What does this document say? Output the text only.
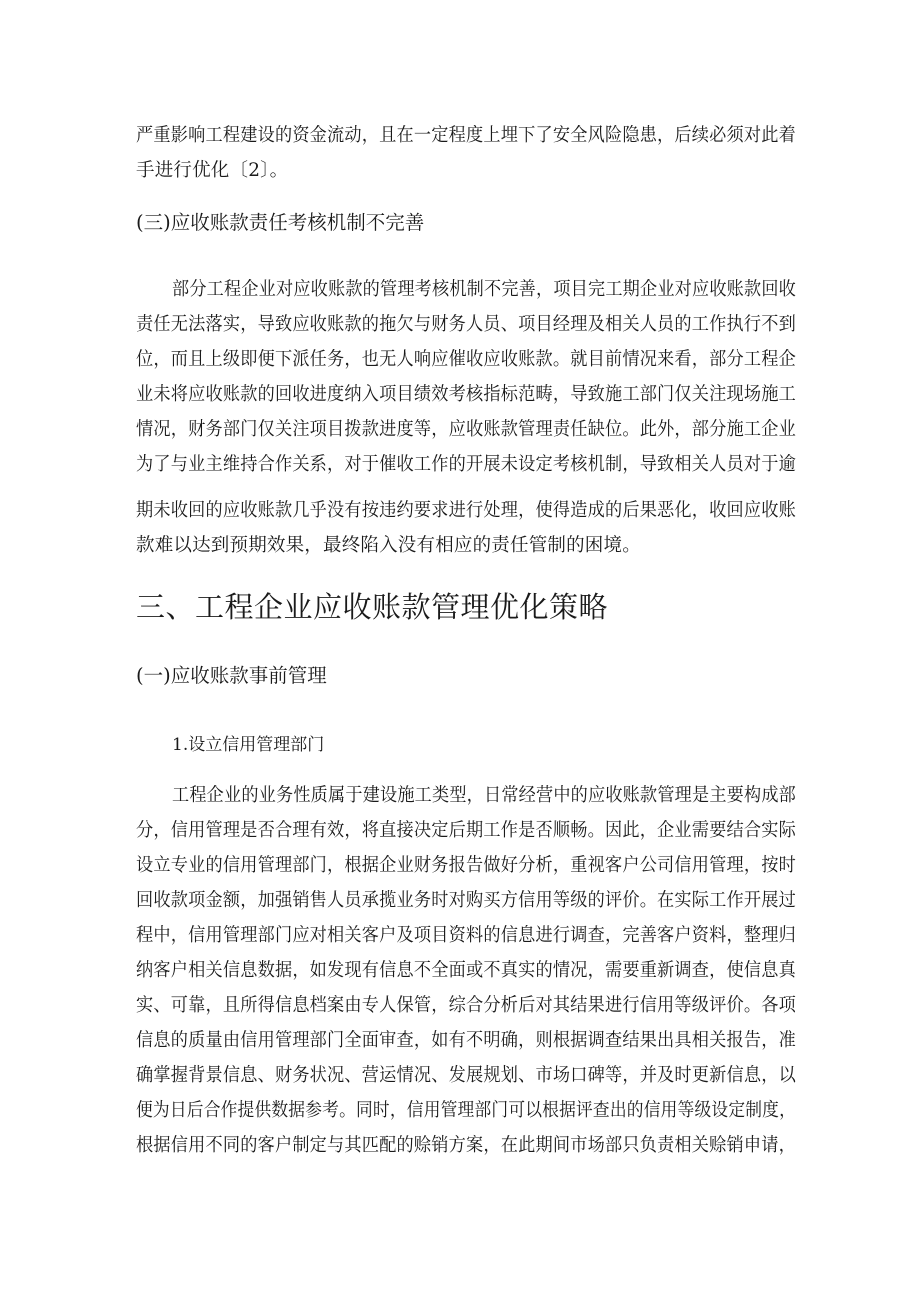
严重影响工程建设的资金流动，且在一定程度上埋下了安全风险隐患，后续必须对此着
手进行优化〔2〕。
(三)应收账款责任考核机制不完善
部分工程企业对应收账款的管理考核机制不完善，项目完工期企业对应收账款回收
责任无法落实，导致应收账款的拖欠与财务人员、项目经理及相关人员的工作执行不到
位，而且上级即便下派任务，也无人响应催收应收账款。就目前情况来看，部分工程企
业未将应收账款的回收进度纳入项目绩效考核指标范畴，导致施工部门仅关注现场施工
情况，财务部门仅关注项目拨款进度等，应收账款管理责任缺位。此外，部分施工企业
为了与业主维持合作关系，对于催收工作的开展未设定考核机制，导致相关人员对于逾
期未收回的应收账款几乎没有按违约要求进行处理，使得造成的后果恶化，收回应收账
款难以达到预期效果，最终陷入没有相应的责任管制的困境。
三、工程企业应收账款管理优化策略
(一)应收账款事前管理
1.设立信用管理部门
工程企业的业务性质属于建设施工类型，日常经营中的应收账款管理是主要构成部
分，信用管理是否合理有效，将直接决定后期工作是否顺畅。因此，企业需要结合实际
设立专业的信用管理部门，根据企业财务报告做好分析，重视客户公司信用管理，按时
回收款项金额，加强销售人员承揽业务时对购买方信用等级的评价。在实际工作开展过
程中，信用管理部门应对相关客户及项目资料的信息进行调查，完善客户资料，整理归
纳客户相关信息数据，如发现有信息不全面或不真实的情况，需要重新调查，使信息真
实、可靠，且所得信息档案由专人保管，综合分析后对其结果进行信用等级评价。各项
信息的质量由信用管理部门全面审查，如有不明确，则根据调查结果出具相关报告，准
确掌握背景信息、财务状况、营运情况、发展规划、市场口碑等，并及时更新信息，以
便为日后合作提供数据参考。同时，信用管理部门可以根据评查出的信用等级设定制度，
根据信用不同的客户制定与其匹配的赊销方案，在此期间市场部只负责相关赊销申请，
